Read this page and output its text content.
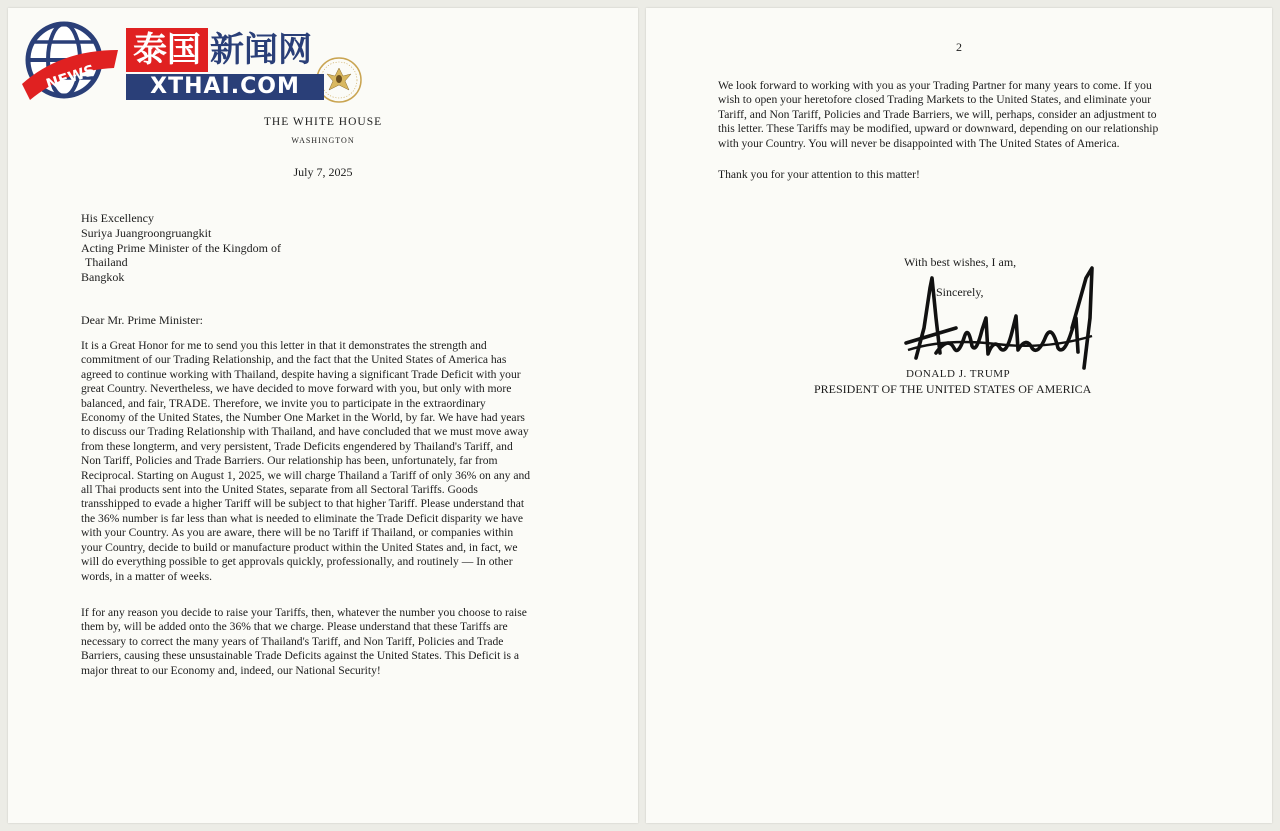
THE WHITE HOUSE
WASHINGTON
July 7, 2025
His Excellency
Suriya Juangroongruangkit
Acting Prime Minister of the Kingdom of
Thailand
Bangkok
Dear Mr. Prime Minister:
It is a Great Honor for me to send you this letter in that it demonstrates the strength and
commitment of our Trading Relationship, and the fact that the United States of America has
agreed to continue working with Thailand, despite having a significant Trade Deficit with your
great Country. Nevertheless, we have decided to move forward with you, but only with more
balanced, and fair, TRADE. Therefore, we invite you to participate in the extraordinary
Economy of the United States, the Number One Market in the World, by far. We have had years
to discuss our Trading Relationship with Thailand, and have concluded that we must move away
from these longterm, and very persistent, Trade Deficits engendered by Thailand's Tariff, and
Non Tariff, Policies and Trade Barriers. Our relationship has been, unfortunately, far from
Reciprocal. Starting on August 1, 2025, we will charge Thailand a Tariff of only 36% on any and
all Thai products sent into the United States, separate from all Sectoral Tariffs. Goods
transshipped to evade a higher Tariff will be subject to that higher Tariff. Please understand that
the 36% number is far less than what is needed to eliminate the Trade Deficit disparity we have
with your Country. As you are aware, there will be no Tariff if Thailand, or companies within
your Country, decide to build or manufacture product within the United States and, in fact, we
will do everything possible to get approvals quickly, professionally, and routinely — In other
words, in a matter of weeks.
If for any reason you decide to raise your Tariffs, then, whatever the number you choose to raise
them by, will be added onto the 36% that we charge. Please understand that these Tariffs are
necessary to correct the many years of Thailand's Tariff, and Non Tariff, Policies and Trade
Barriers, causing these unsustainable Trade Deficits against the United States. This Deficit is a
major threat to our Economy and, indeed, our National Security!
NEWS
泰国 新闻网
XTHAI.COM
2
We look forward to working with you as your Trading Partner for many years to come. If you
wish to open your heretofore closed Trading Markets to the United States, and eliminate your
Tariff, and Non Tariff, Policies and Trade Barriers, we will, perhaps, consider an adjustment to
this letter. These Tariffs may be modified, upward or downward, depending on our relationship
with your Country. You will never be disappointed with The United States of America.
Thank you for your attention to this matter!
With best wishes, I am,
Sincerely,
DONALD J. TRUMP
PRESIDENT OF THE UNITED STATES OF AMERICA
